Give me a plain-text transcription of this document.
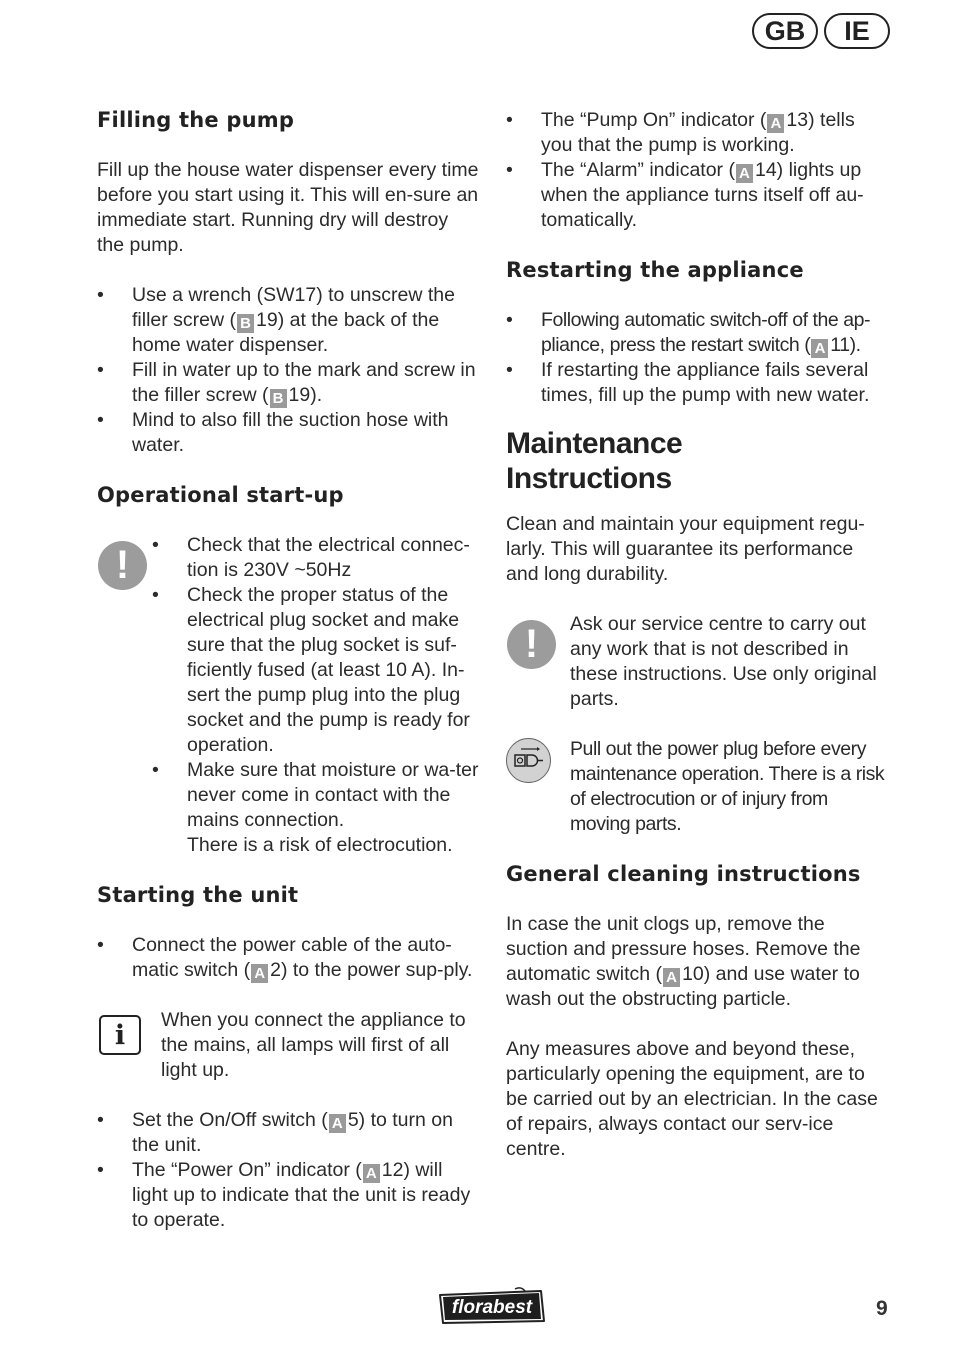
GB	IE
Filling the pump

Fill up the house water dispenser every time before you start using it. This will en-sure an immediate start. Running dry will destroy the pump.

• Use a wrench (SW17) to unscrew the filler screw ( B 19) at the back of the home water dispenser.
• Fill in water up to the mark and screw in the filler screw ( B 19).
• Mind to also fill the suction hose with water.
Operational start-up
!
•	Check that the electrical connec-tion is 230V ~50Hz
• Check the proper status of the electrical plug socket and make sure that the plug socket is suf-ficiently fused (at least 10 A). In-sert the pump plug into the plug socket and the pump is ready for operation.
• Make sure that moisture or wa-ter never come in contact with the mains connection.
There is a risk of electrocution.
Starting the unit
• Connect the power cable of the auto-matic switch ( A 2) to the power sup-ply.
i	When you connect the appliance to the mains, all lamps will first of all light up.

• Set the On/Off switch ( A 5) to turn on the unit.
• The “Power On” indicator ( A 12) will light up to indicate that the unit is ready to operate.
• The “Pump On” indicator ( A 13) tells you that the pump is working.
• The “Alarm” indicator ( A 14) lights up when the appliance turns itself off au-tomatically.
Restarting the appliance
• Following automatic switch-off of the ap-pliance, press the restart switch ( A 11).
• If restarting the appliance fails several times, fill up the pump with new water.
Maintenance Instructions

Clean and maintain your equipment regu-larly. This will guarantee its performance and long durability.

!	Ask our service centre to carry out any work that is not described in these instructions. Use only original parts.

Pull out the power plug before every maintenance operation. There is a risk of electrocution or of injury from moving parts.

General cleaning instructions

In case the unit clogs up, remove the suction and pressure hoses. Remove the automatic switch ( A 10) and use water to wash out the obstructing particle.

Any measures above and beyond these, particularly opening the equipment, are to be carried out by an electrician. In the case of repairs, always contact our serv-ice centre.

florabest	9
